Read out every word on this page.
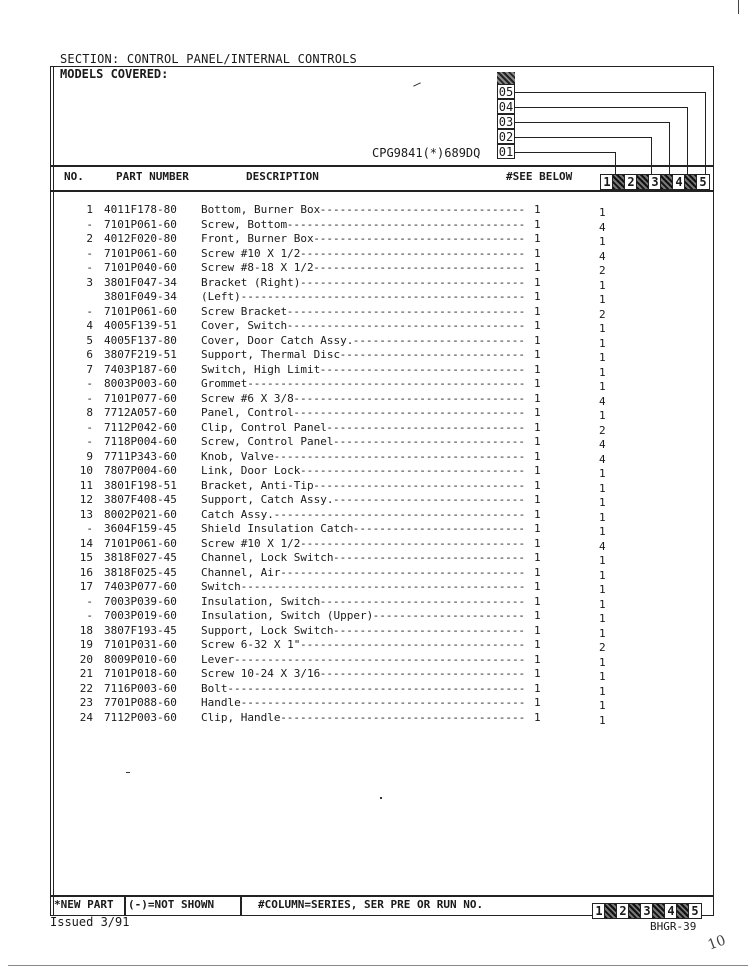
SECTION: CONTROL PANEL/INTERNAL CONTROLS
MODELS COVERED:
05
04
03
02
01
CPG9841(*)689DQ
NO.	PART NUMBER	DESCRIPTION	#SEE BELOW	1 2 3 4 5
1 4011F178-80 Bottom, Burner Box ------------------------------- 1	1
- 7101P061-60 Screw, Bottom ------------------------------------ 1	4
2 4012F020-80 Front, Burner Box -------------------------------- 1	1
- 7101P061-60 Screw #10 X 1/2 ---------------------------------- 1	4
- 7101P040-60 Screw #8-18 X 1/2 -------------------------------- 1	2
3 3801F047-34 Bracket (Right) ---------------------------------- 1	1
3801F049-34 (Left) ------------------------------------------- 1	1
- 7101P061-60 Screw Bracket ------------------------------------ 1	2
4 4005F139-51 Cover, Switch ------------------------------------ 1	1
5 4005F137-80 Cover, Door Catch Assy. -------------------------- 1	1
6 3807F219-51 Support, Thermal Disc ---------------------------- 1	1
7 7403P187-60 Switch, High Limit ------------------------------- 1	1
- 8003P003-60 Grommet ------------------------------------------ 1	1
- 7101P077-60 Screw #6 X 3/8 ----------------------------------- 1	4
8 7712A057-60 Panel, Control ----------------------------------- 1	1
- 7112P042-60 Clip, Control Panel ------------------------------ 1	2
- 7118P004-60 Screw, Control Panel ----------------------------- 1	4
9 7711P343-60 Knob, Valve -------------------------------------- 1	4
10 7807P004-60 Link, Door Lock ---------------------------------- 1	1
11 3801F198-51 Bracket, Anti-Tip -------------------------------- 1	1
12 3807F408-45 Support, Catch Assy. ----------------------------- 1	1
13 8002P021-60 Catch Assy. -------------------------------------- 1	1
- 3604F159-45 Shield Insulation Catch -------------------------- 1	1
14 7101P061-60 Screw #10 X 1/2 ---------------------------------- 1	4
15 3818F027-45 Channel, Lock Switch ----------------------------- 1	1
16 3818F025-45 Channel, Air ------------------------------------- 1	1
17 7403P077-60 Switch ------------------------------------------- 1	1
- 7003P039-60 Insulation, Switch ------------------------------- 1	1
- 7003P019-60 Insulation, Switch (Upper) ----------------------- 1	1
18 3807F193-45 Support, Lock Switch ----------------------------- 1	1
19 7101P031-60 Screw 6-32 X 1" ---------------------------------- 1	2
20 8009P010-60 Lever -------------------------------------------- 1	1
21 7101P018-60 Screw 10-24 X 3/16 ------------------------------- 1	1
22 7116P003-60 Bolt --------------------------------------------- 1	1
23 7701P088-60 Handle ------------------------------------------- 1	1
24 7112P003-60 Clip, Handle ------------------------------------- 1	1
*NEW PART (-)=NOT SHOWN	#COLUMN=SERIES, SER PRE OR RUN NO.	1 2 3 4 5
Issued 3/91	BHGR-39
10
